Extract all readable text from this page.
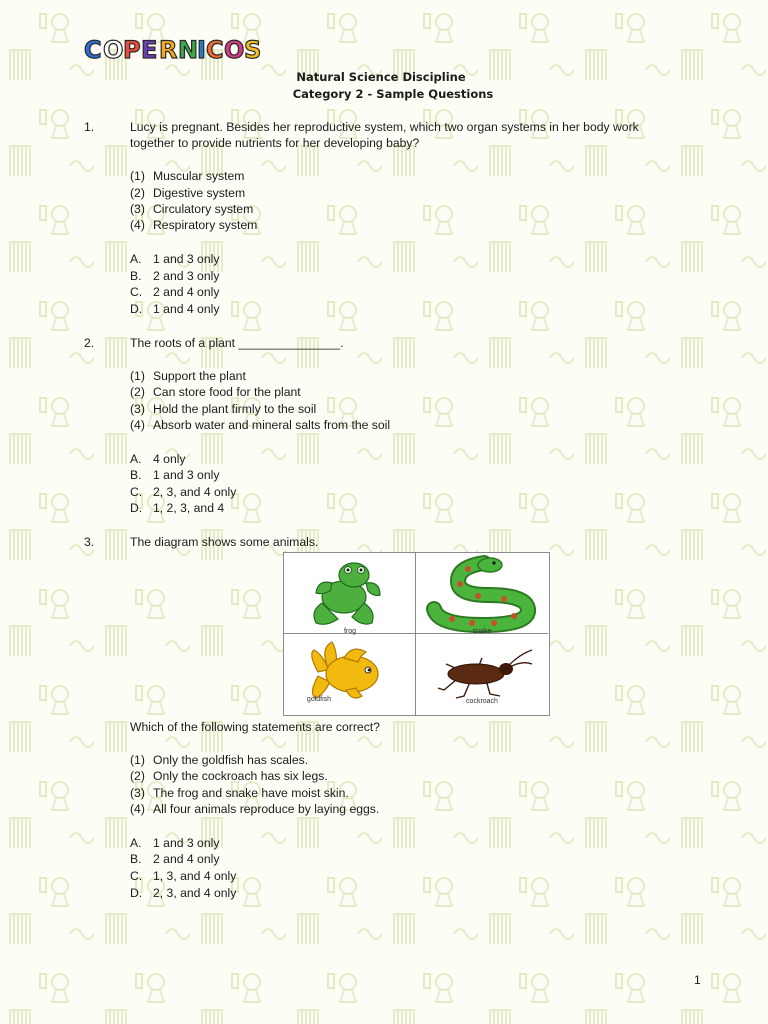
C O P E R N
I C O S
COPERNICOS
Natural Science Discipline
Category 2 - Sample Questions
1.	Lucy is pregnant. Besides her reproductive system, which two organ systems in her body work
together to provide nutrients for her developing baby?
(1) Muscular system
(2) Digestive system
(3) Circulatory system
(4) Respiratory system
A. 1 and 3 only
B. 2 and 3 only
C. 2 and 4 only
D. 1 and 4 only
2.	The roots of a plant _______________.
(1) Support the plant
(2) Can store food for the plant
(3) Hold the plant firmly to the soil
(4) Absorb water and mineral salts from the soil
A. 4 only
B. 1 and 3 only
C. 2, 3, and 4 only
D. 1, 2, 3, and 4
3.	The diagram shows some animals.
frog	snake
goldfish	cockroach
Which of the following statements are correct?
(1) Only the goldfish has scales.
(2) Only the cockroach has six legs.
(3) The frog and snake have moist skin.
(4) All four animals reproduce by laying eggs.
A. 1 and 3 only
B. 2 and 4 only
C. 1, 3, and 4 only
D. 2, 3, and 4 only
1
